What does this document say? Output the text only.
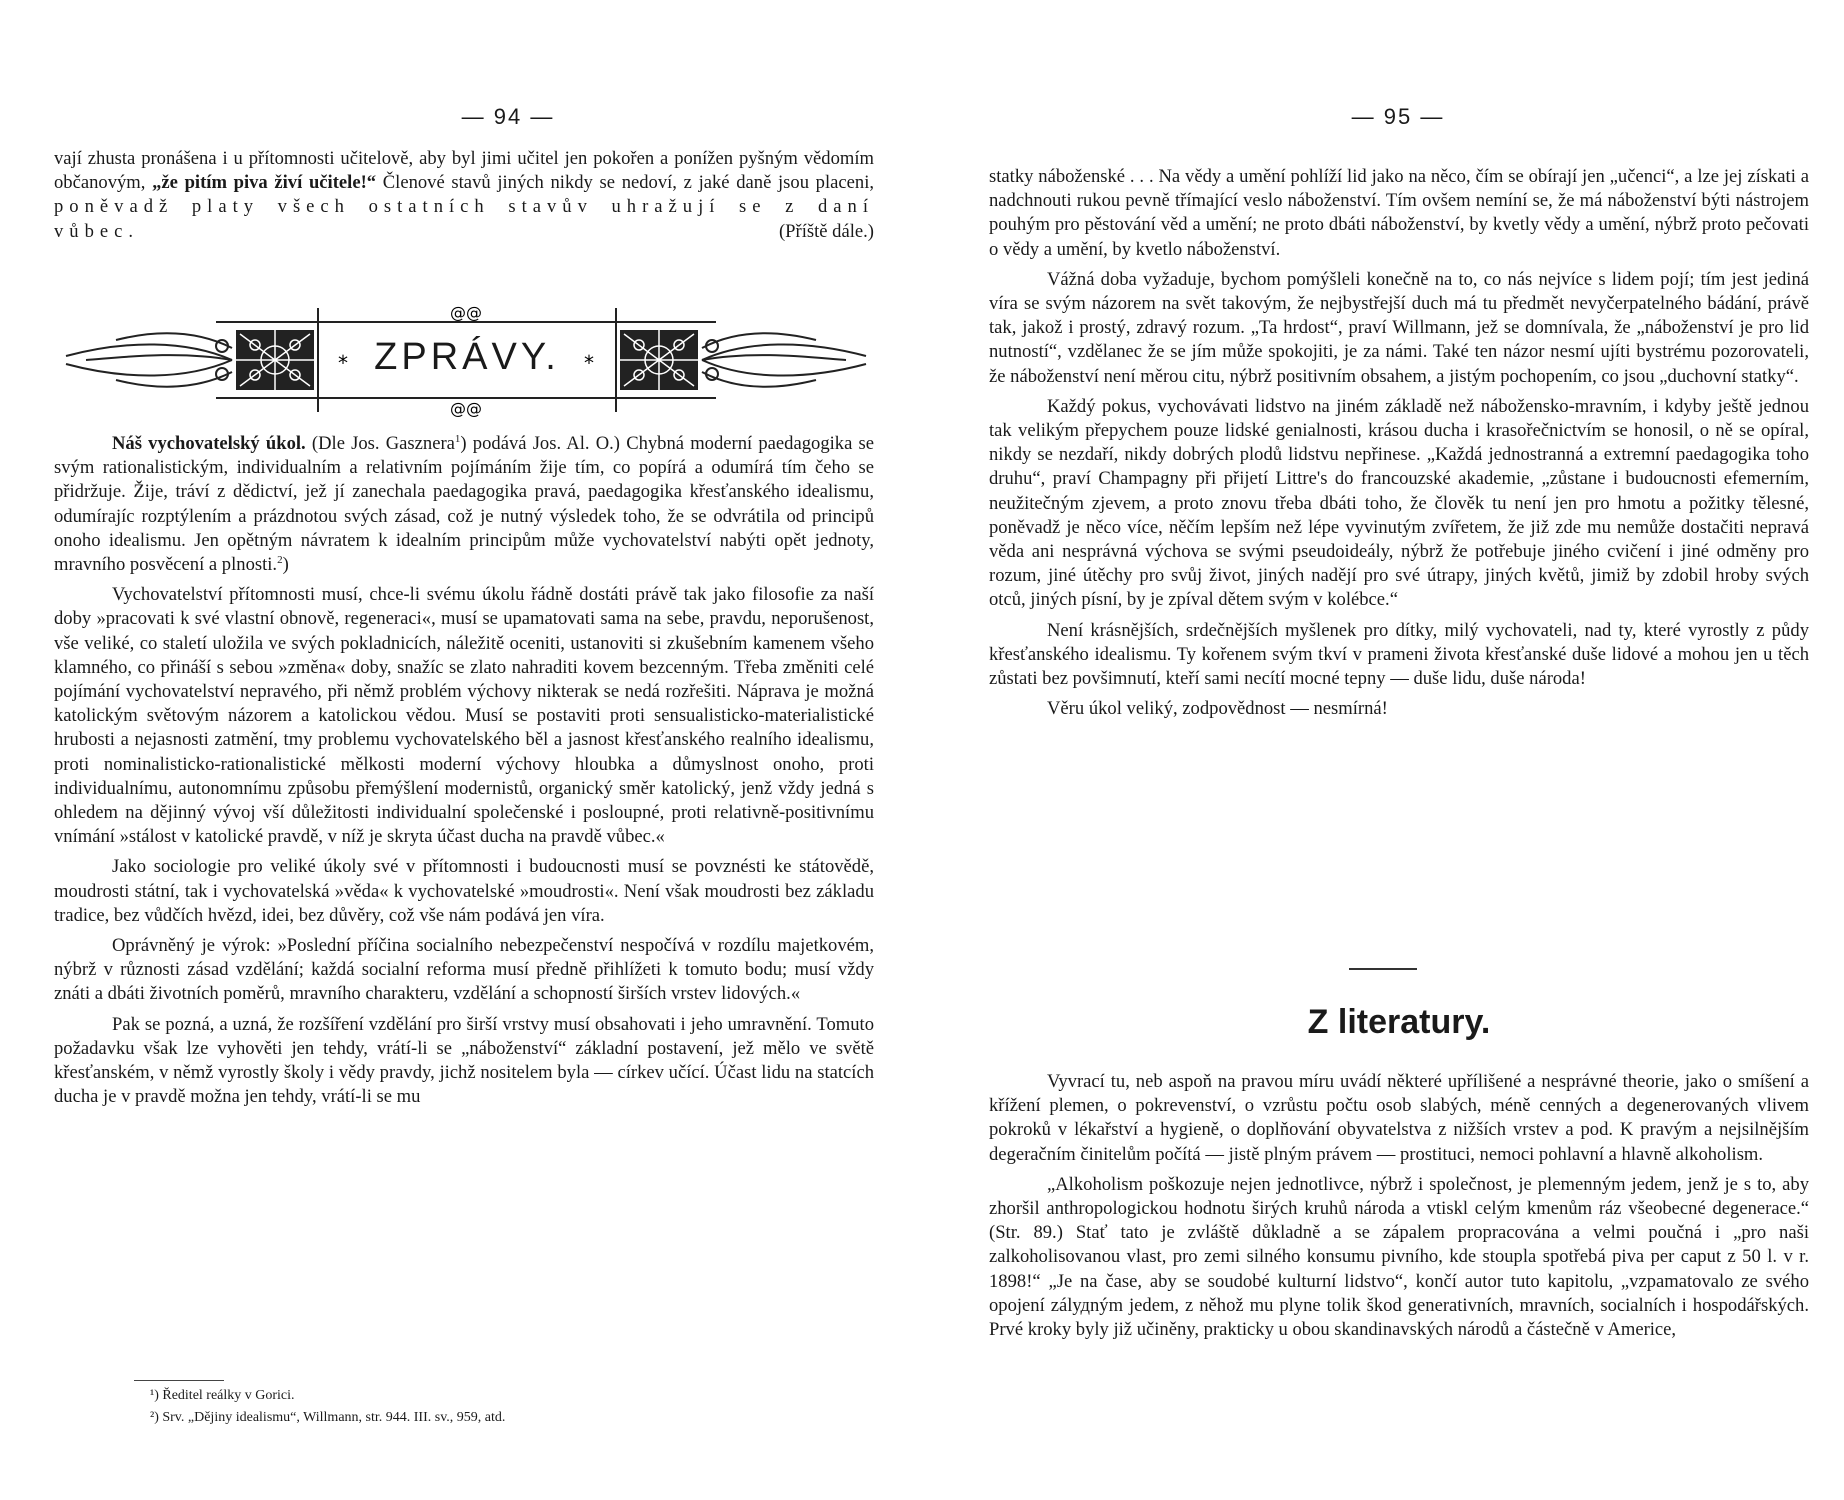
— 94 —

vají zhusta pronášena i u přítomnosti učitelově, aby byl jimi učitel jen pokořen a ponížen pyšným vědomím občanovým, „že pitím piva živí učitele!“ Členové stavů jiných nikdy se nedoví, z jaké daně jsou placeni, poněvadž platy všech ostatních stavův uhražují se z daní vůbec.	(Příště dále.)

@@
@@
*	*
ZPRÁVY.

Náš vychovatelský úkol. (Dle Jos. Gasznera$^1$) podává Jos. Al. O.) Chybná moderní paedagogika se svým rationalistickým, individualním a relativním pojímáním žije tím, co popírá a odumírá tím čeho se přidržuje. Žije, tráví z dědictví, jež jí zanechala paedagogika pravá, paedagogika křesťanského idealismu, odumírajíc rozptýlením a prázdnotou svých zásad, což je nutný výsledek toho, že se odvrátila od principů onoho idealismu. Jen opětným návratem k idealním principům může vychovatelství nabýti opět jednoty, mravního posvěcení a plnosti.$^2$)

Vychovatelství přítomnosti musí, chce-li svému úkolu řádně dostáti právě tak jako filosofie za naší doby »pracovati k své vlastní obnově, regeneraci«, musí se upamatovati sama na sebe, pravdu, neporušenost, vše veliké, co staletí uložila ve svých pokladnicích, náležitě oceniti, ustanoviti si zkušebním kamenem všeho klamného, co přináší s sebou »změna« doby, snažíc se zlato nahraditi kovem bezcenným. Třeba změniti celé pojímání vychovatelství nepravého, při němž problém výchovy nikterak se nedá rozřešiti. Náprava je možná katolickým světovým názorem a katolickou vědou. Musí se postaviti proti sensualisticko-materialistické hrubosti a nejasnosti zatmění, tmy problemu vychovatelského běl a jasnost křesťanského realního idealismu, proti nominalisticko-rationalistické mělkosti moderní výchovy hloubka a důmyslnost onoho, proti individualnímu, autonomnímu způsobu přemýšlení modernistů, organický směr katolický, jenž vždy jedná s ohledem na dějinný vývoj vší důležitosti individualní společenské i posloupné, proti relativně-positivnímu vnímání »stálost v katolické pravdě, v níž je skryta účast ducha na pravdě vůbec.«

Jako sociologie pro veliké úkoly své v přítomnosti i budoucnosti musí se povznésti ke státovědě, moudrosti státní, tak i vychovatelská »věda« k vychovatelské »moudrosti«. Není však moudrosti bez základu tradice, bez vůdčích hvězd, idei, bez důvěry, což vše nám podává jen víra.

Oprávněný je výrok: »Poslední příčina socialního nebezpečenství nespočívá v rozdílu majetkovém, nýbrž v různosti zásad vzdělání; každá socialní reforma musí předně přihlížeti k tomuto bodu; musí vždy znáti a dbáti životních poměrů, mravního charakteru, vzdělání a schopností širších vrstev lidových.«

Pak se pozná, a uzná, že rozšíření vzdělání pro širší vrstvy musí obsahovati i jeho umravnění. Tomuto požadavku však lze vyhověti jen tehdy, vrátí-li se „náboženství“ základní postavení, jež mělo ve světě křesťanském, v němž vyrostly školy i vědy pravdy, jichž nositelem byla — církev učící. Účast lidu na statcích ducha je v pravdě možna jen tehdy, vrátí-li se mu

¹) Ředitel reálky v Gorici.
²) Srv. „Dějiny idealismu“, Willmann, str. 944. III. sv., 959, atd.
— 95 —

statky náboženské . . . Na vědy a umění pohlíží lid jako na něco, čím se obírají jen „učenci“, a lze jej získati a nadchnouti rukou pevně třímající veslo náboženství. Tím ovšem nemíní se, že má náboženství býti nástrojem pouhým pro pěstování věd a umění; ne proto dbáti náboženství, by kvetly vědy a umění, nýbrž proto pečovati o vědy a umění, by kvetlo náboženství.

Vážná doba vyžaduje, bychom pomýšleli konečně na to, co nás nejvíce s lidem pojí; tím jest jediná víra se svým názorem na svět takovým, že nejbystřejší duch má tu předmět nevyčerpatelného bádání, právě tak, jakož i prostý, zdravý rozum. „Ta hrdost“, praví Willmann, jež se domnívala, že „náboženství je pro lid nutností“, vzdělanec že se jím může spokojiti, je za námi. Také ten názor nesmí ujíti bystrému pozorovateli, že náboženství není měrou citu, nýbrž positivním obsahem, a jistým pochopením, co jsou „duchovní statky“.

Každý pokus, vychovávati lidstvo na jiném základě než nábožensko-mravním, i kdyby ještě jednou tak velikým přepychem pouze lidské genialnosti, krásou ducha i krasořečnictvím se honosil, o ně se opíral, nikdy se nezdaří, nikdy dobrých plodů lidstvu nepřinese. „Každá jednostranná a extremní paedagogika toho druhu“, praví Champagny při přijetí Littre's do francouzské akademie, „zůstane i budoucnosti efemerním, neužitečným zjevem, a proto znovu třeba dbáti toho, že člověk tu není jen pro hmotu a požitky tělesné, poněvadž je něco více, něčím lepším než lépe vyvinutým zvířetem, že již zde mu nemůže dostačiti nepravá věda ani nesprávná výchova se svými pseudoideály, nýbrž že potřebuje jiného cvičení i jiné odměny pro rozum, jiné útěchy pro svůj život, jiných nadějí pro své útrapy, jiných květů, jimiž by zdobil hroby svých otců, jiných písní, by je zpíval dětem svým v kolébce.“

Není krásnějších, srdečnějších myšlenek pro dítky, milý vychovateli, nad ty, které vyrostly z půdy křesťanského idealismu. Ty kořenem svým tkví v prameni života křesťanské duše lidové a mohou jen u těch zůstati bez povšimnutí, kteří sami necítí mocné tepny — duše lidu, duše národa!

Věru úkol veliký, zodpovědnost — nesmírná!

Z literatury.

Vyvrací tu, neb aspoň na pravou míru uvádí některé upřílišené a nesprávné theorie, jako o smíšení a křížení plemen, o pokrevenství, o vzrůstu počtu osob slabých, méně cenných a degenerovaných vlivem pokroků v lékařství a hygieně, o doplňování obyvatelstva z nižších vrstev a pod. K pravým a nejsilnějším degeračním činitelům počítá — jistě plným právem — prostituci, nemoci pohlavní a hlavně alkoholism.

„Alkoholism poškozuje nejen jednotlivce, nýbrž i společnost, je plemenným jedem, jenž je s to, aby zhoršil anthropologickou hodnotu širých kruhů národa a vtiskl celým kmenům ráz všeobecné degenerace.“ (Str. 89.) Stať tato je zvláště důkladně a se zápalem propracována a velmi poučná i „pro naši zalkoholisovanou vlast, pro zemi silného konsumu pivního, kde stoupla spotřebá piva per caput z 50 l. v r. 1898!“ „Je na čase, aby se soudobé kulturní lidstvo“, končí autor tuto kapitolu, „vzpamatovalo ze svého opojení zálудným jedem, z něhož mu plyne tolik škod generativních, mravních, socialních i hospodářských. Prvé kroky byly již učiněny, prakticky u obou skandinavských národů a částečně v Americe,
